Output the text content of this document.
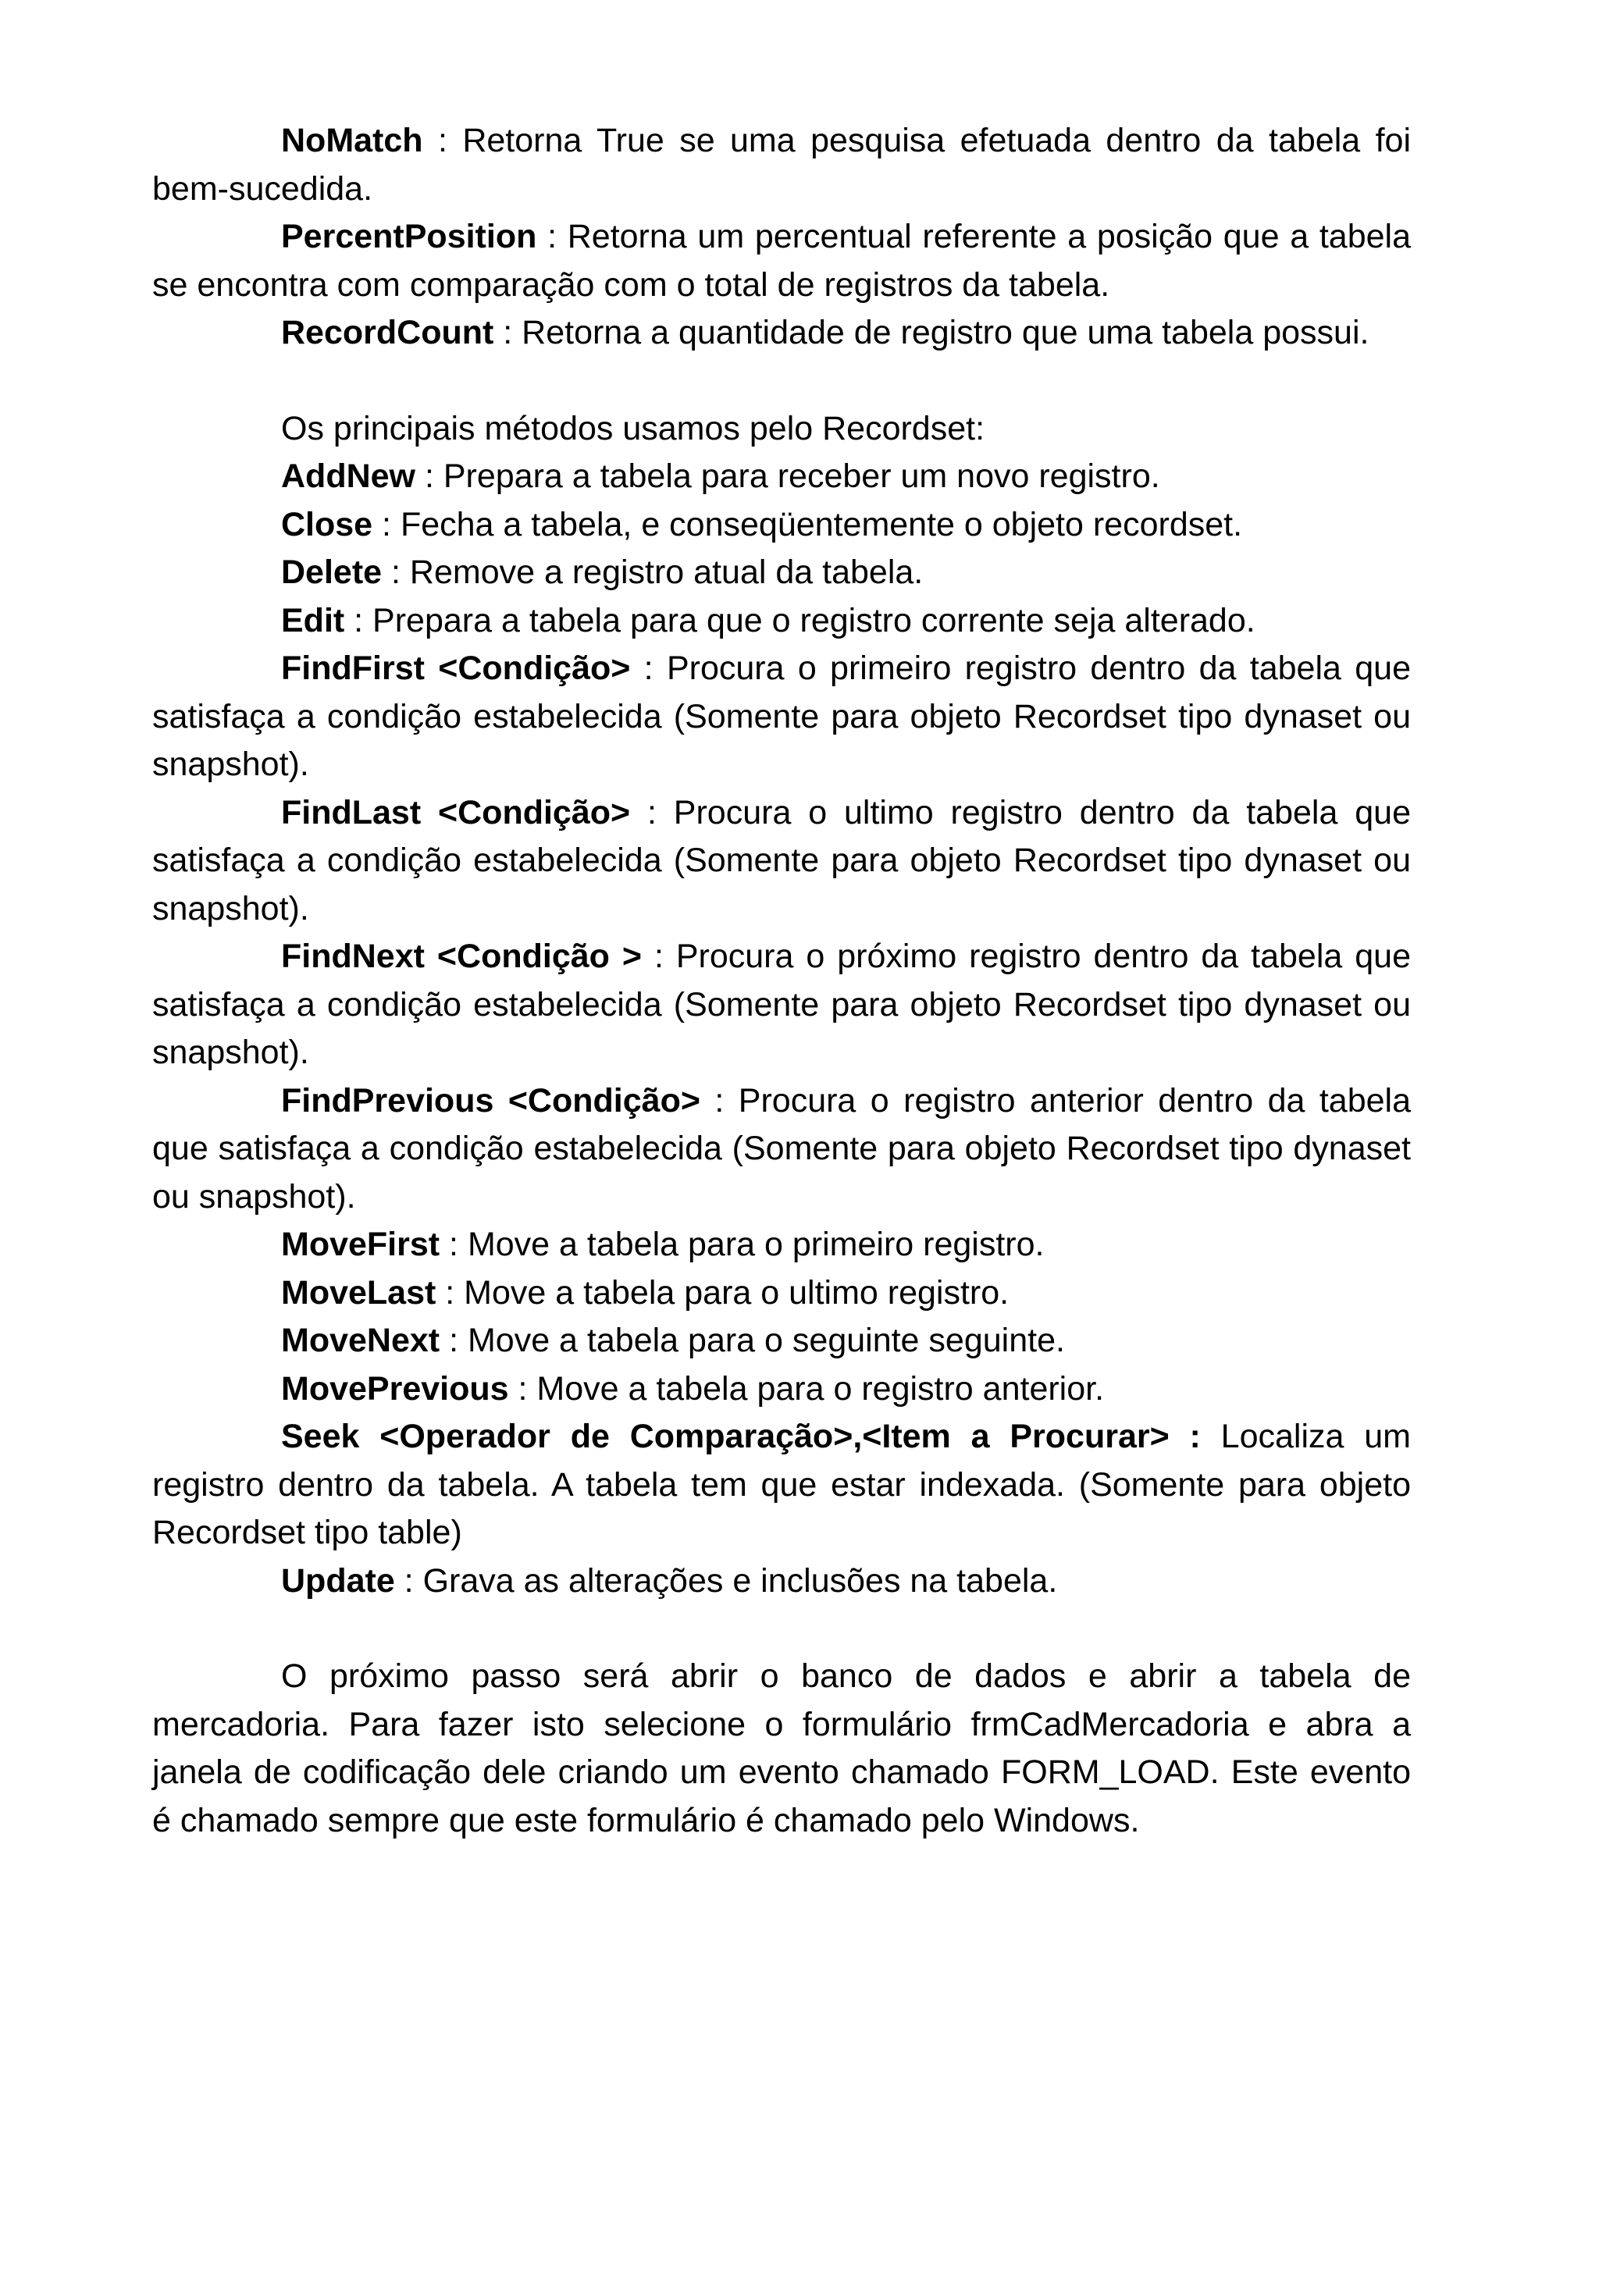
NoMatch : Retorna True se uma pesquisa efetuada dentro da tabela foi bem-sucedida.

PercentPosition : Retorna um percentual referente a posição que a tabela se encontra com comparação com o total de registros da tabela.

RecordCount : Retorna a quantidade de registro que uma tabela possui.

Os principais métodos usamos pelo Recordset:

AddNew : Prepara a tabela para receber um novo registro.

Close : Fecha a tabela, e conseqüentemente o objeto recordset.

Delete : Remove a registro atual da tabela.

Edit : Prepara a tabela para que o registro corrente seja alterado.

FindFirst <Condição> : Procura o primeiro registro dentro da tabela que satisfaça a condição estabelecida (Somente para objeto Recordset tipo dynaset ou snapshot).

FindLast <Condição> : Procura o ultimo registro dentro da tabela que satisfaça a condição estabelecida (Somente para objeto Recordset tipo dynaset ou snapshot).

FindNext <Condição > : Procura o próximo registro dentro da tabela que satisfaça a condição estabelecida (Somente para objeto Recordset tipo dynaset ou snapshot).

FindPrevious <Condição> : Procura o registro anterior dentro da tabela que satisfaça a condição estabelecida (Somente para objeto Recordset tipo dynaset ou snapshot).

MoveFirst : Move a tabela para o primeiro registro.

MoveLast : Move a tabela para o ultimo registro.

MoveNext : Move a tabela para o seguinte seguinte.

MovePrevious : Move a tabela para o registro anterior.

Seek <Operador de Comparação>,<Item a Procurar> : Localiza um registro dentro da tabela. A tabela tem que estar indexada. (Somente para objeto Recordset tipo table)

Update : Grava as alterações e inclusões na tabela.

O próximo passo será abrir o banco de dados e abrir a tabela de mercadoria. Para fazer isto selecione o formulário frmCadMercadoria e abra a janela de codificação dele criando um evento chamado FORM_LOAD. Este evento é chamado sempre que este formulário é chamado pelo Windows.
